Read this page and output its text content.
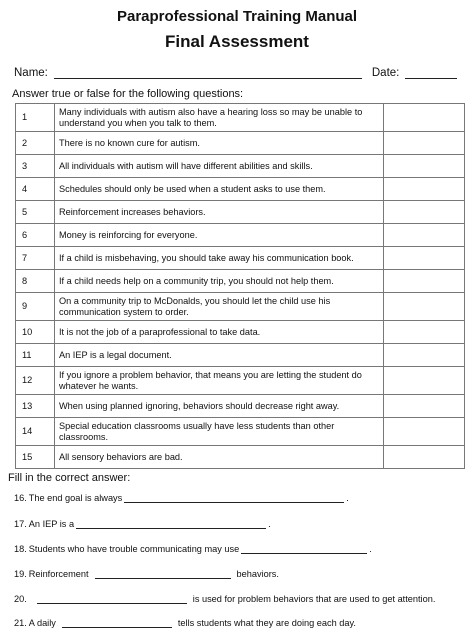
Paraprofessional Training Manual
Final Assessment
Name:	Date:
Answer true or false for the following questions:
1	Many individuals with autism also have a hearing loss so may be unable to understand you when you talk to them.	
2	There is no known cure for autism.	
3	All individuals with autism will have different abilities and skills.	
4	Schedules should only be used when a student asks to use them.	
5	Reinforcement increases behaviors.	
6	Money is reinforcing for everyone.	
7	If a child is misbehaving, you should take away his communication book.	
8	If a child needs help on a community trip, you should not help them.	
9	On a community trip to McDonalds, you should let the child use his communication system to order.	
10	It is not the job of a paraprofessional to take data.	
11	An IEP is a legal document.	
12	If you ignore a problem behavior, that means you are letting the student do whatever he wants.	
13	When using planned ignoring, behaviors should decrease right away.	
14	Special education classrooms usually have less students than other classrooms.	
15	All sensory behaviors are bad.	
Fill in the correct answer:
16. The end goal is always	.
17. An IEP is a	.
18. Students who have trouble communicating may use	.
19. Reinforcement	behaviors.
20.	is used for problem behaviors that are used to get attention.
21. A daily	tells students what they are doing each day.
